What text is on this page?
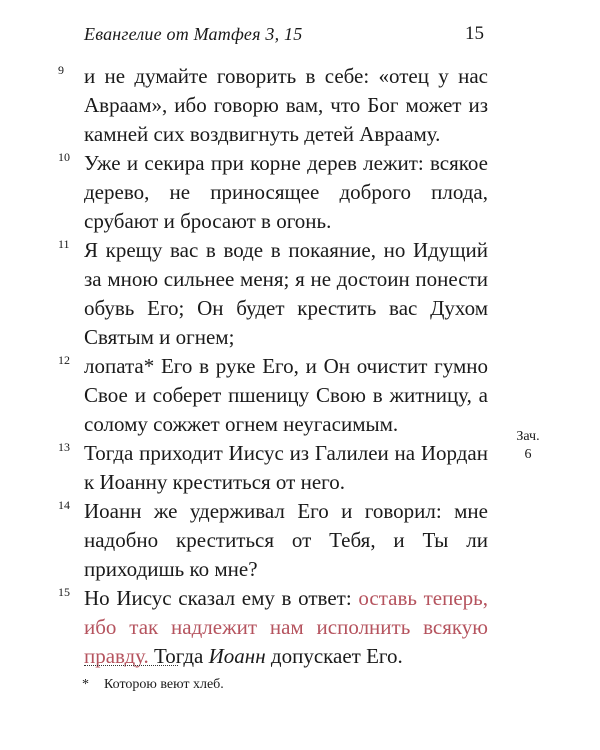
Евангелие от Матфея 3, 15	15
9 и не думайте говорить в себе: «отец у нас Авраам», ибо говорю вам, что Бог может из камней сих воздвигнуть детей Аврааму.
10 Уже и секира при корне дерев лежит: всякое дерево, не приносящее доброго плода, срубают и бросают в огонь.
11 Я крещу вас в воде в покаяние, но Идущий за мною сильнее меня; я не достоин понести обувь Его; Он будет крестить вас Духом Святым и огнем;
12 лопата* Его в руке Его, и Он очистит гумно Свое и соберет пшеницу Свою в житницу, а солому сожжет огнем неугасимым.
13 Тогда приходит Иисус из Галилеи на Иордан к Иоанну креститься от него.
14 Иоанн же удерживал Его и говорил: мне надобно креститься от Тебя, и Ты ли приходишь ко мне?
15 Но Иисус сказал ему в ответ: оставь теперь, ибо так надлежит нам исполнить всякую правду. Тогда Иоанн допускает Его.
Зач.
6
* Которою веют хлеб.
